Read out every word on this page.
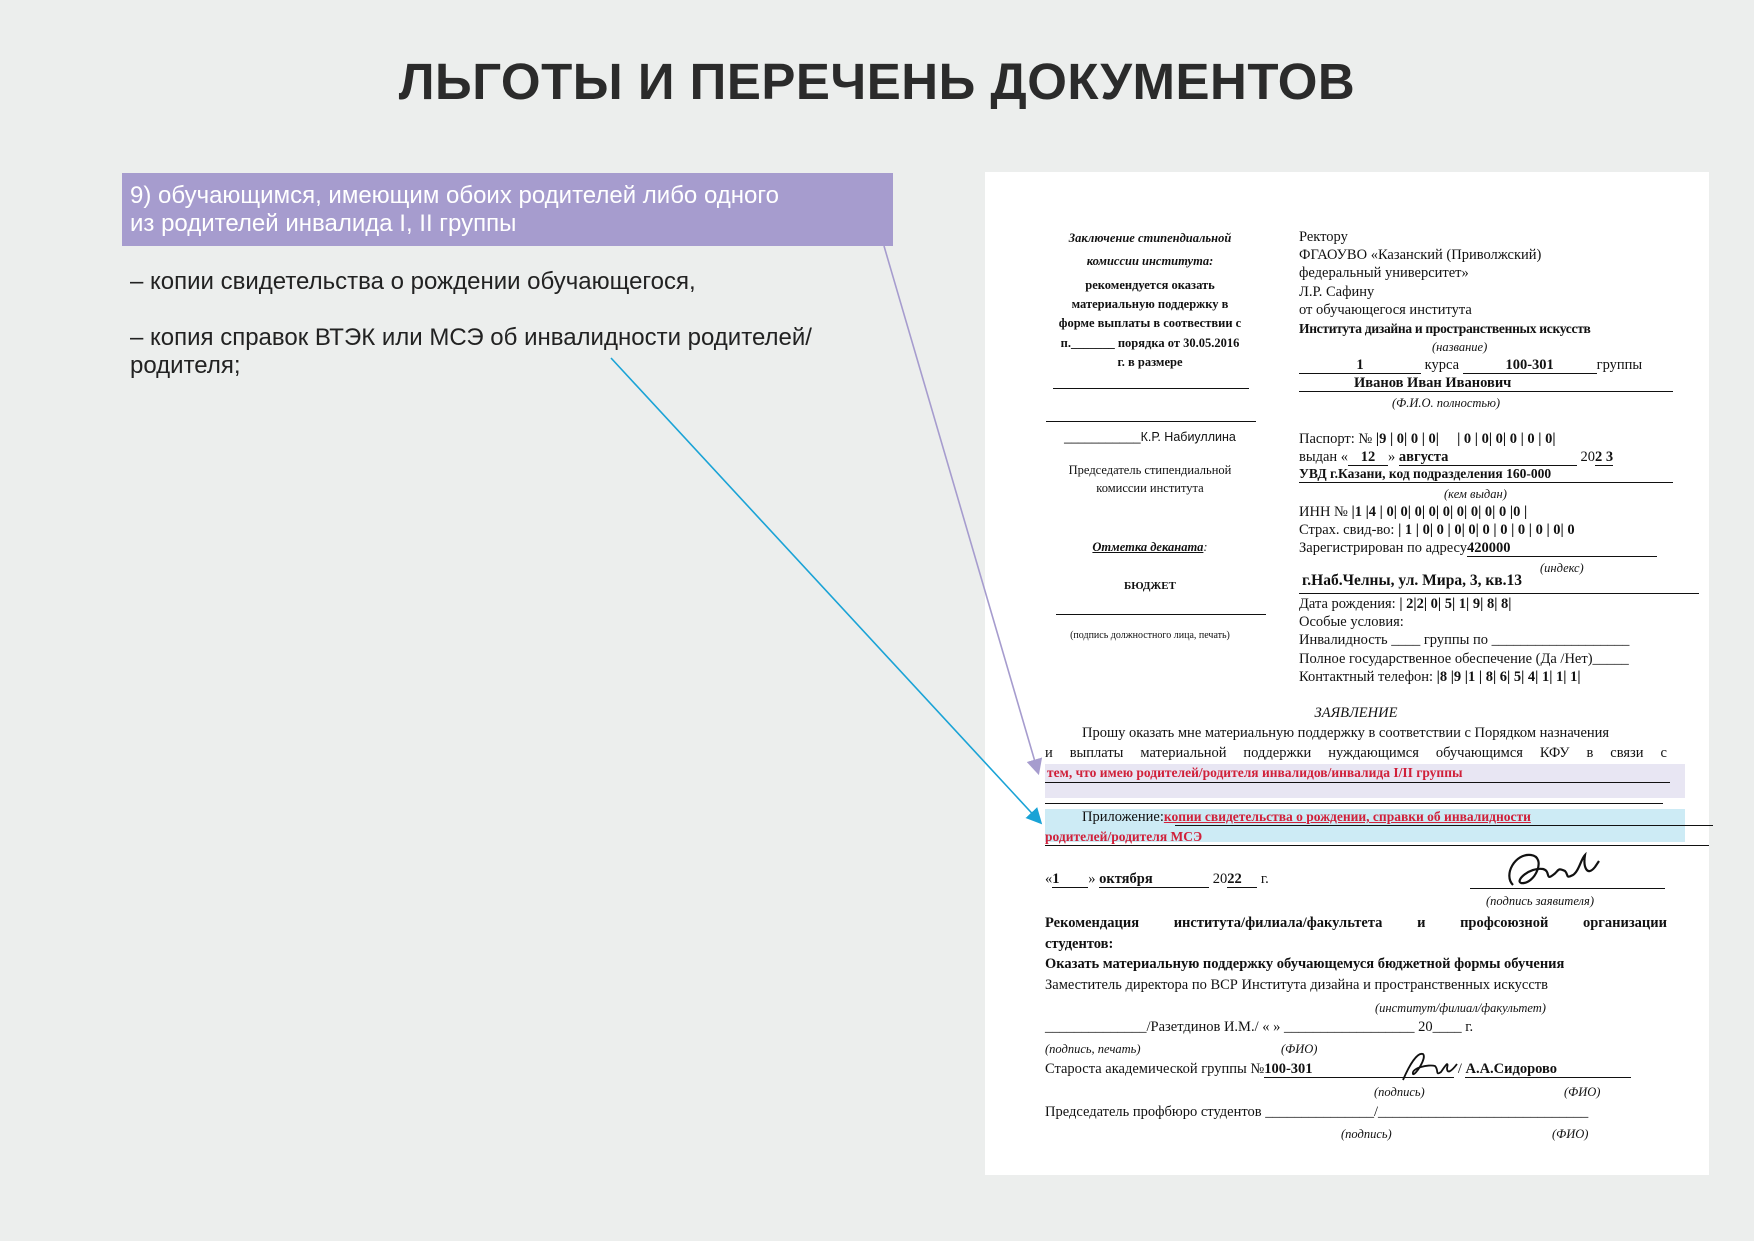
ЛЬГОТЫ И ПЕРЕЧЕНЬ ДОКУМЕНТОВ
9) обучающимся, имеющим обоих родителей либо одного
из родителей инвалида I, II группы
– копии свидетельства о рождении обучающегося,
– копия справок ВТЭК или МСЭ об инвалидности родителей/
родителя;
Заключение стипендиальной
комиссии института:
рекомендуется оказать
материальную поддержку в
форме выплаты в соотвествии с
п._______ порядка от 30.05.2016
г. в размере
___________К.Р. Набиуллина
Председатель стипендиальной
комиссии института
Отметка деканата:
БЮДЖЕТ
(подпись должностного лица, печать)
Ректору
ФГАОУВО «Казанский (Приволжский)
федеральный университет»
Л.Р. Сафину
от обучающегося института
Института дизайна и пространственных искусств
(название)
1	курса	100-301	группы
Иванов Иван Иванович
(Ф.И.О. полностью)
Паспорт: № |9 | 0| 0 | 0| | 0 | 0| 0| 0 | 0 | 0|
выдан « 12 » августа	202 3
УВД г.Казани, код подразделения 160-000
(кем выдан)
ИНН № |1 |4 | 0| 0| 0| 0| 0| 0| 0| 0| 0 |0 |
Страх. свид-во: | 1 | 0| 0 | 0| 0| 0 | 0 | 0 | 0 | 0| 0
Зарегистрирован по адресу420000
(индекс)
г.Наб.Челны, ул. Мира, 3, кв.13
Дата рождения: | 2|2| 0| 5| 1| 9| 8| 8|
Особые условия:
Инвалидность ____ группы по ___________________
Полное государственное обеспечение (Да /Нет)_____
Контактный телефон: |8 |9 |1 | 8| 6| 5| 4| 1| 1| 1|
ЗАЯВЛЕНИЕ
Прошу оказать мне материальную поддержку в соответствии с Порядком назначения
и выплаты материальной поддержки нуждающимся обучающимся КФУ в связи с
тем, что имею родителей/родителя инвалидов/инвалида I/II группы
Приложение:копии свидетельства о рождении, справки об инвалидности
родителей/родителя МСЭ
«1 » октября	2022 г.
(подпись заявителя)
Рекомендация института/филиала/факультета и профсоюзной организации
студентов:
Оказать материальную поддержку обучающемуся бюджетной формы обучения
Заместитель директора по ВСР Института дизайна и пространственных искусств
(институт/филиал/факультет)
______________/Разетдинов И.М./ « » __________________ 20____ г.
(подпись, печать)	(ФИО)
Староста академической группы №100-301	/ А.А.Сидорово
(подпись)	(ФИО)
Председатель профбюро студентов _______________/_____________________________
(подпись)	(ФИО)
